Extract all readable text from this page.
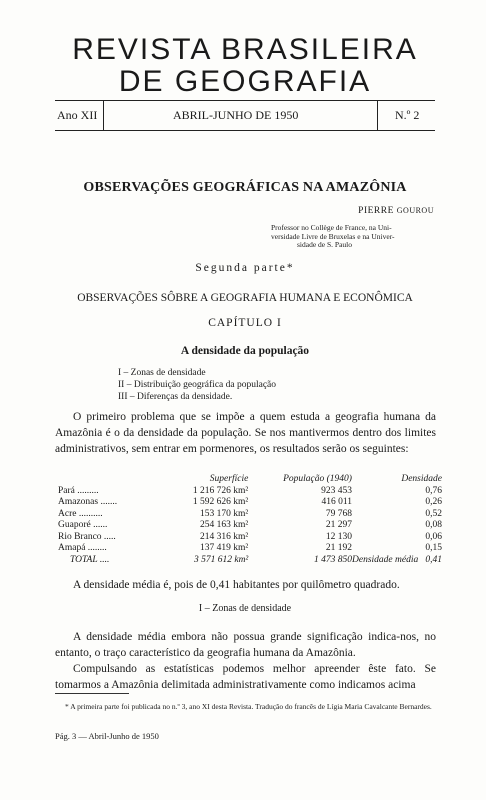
REVISTA BRASILEIRA
DE GEOGRAFIA
Ano XII	ABRIL-JUNHO DE 1950	N.º 2
OBSERVAÇÕES GEOGRÁFICAS NA AMAZÔNIA
PIERRE GOUROU
Professor no Collège de France, na Uni-
versidade Livre de Bruxelas e na Univer-
sidade de S. Paulo
Segunda parte*
OBSERVAÇÕES SÔBRE A GEOGRAFIA HUMANA E ECONÔMICA
CAPÍTULO I
A densidade da população
I – Zonas de densidade
II – Distribuição geográfica da população
III – Diferenças da densidade.

O primeiro problema que se impõe a quem estuda a geografia humana da Amazônia é o da densidade da população. Se nos mantivermos dentro dos limites administrativos, sem entrar em pormenores, os resultados serão os seguintes:

	Superfície	População (1940)	Densidade
Pará .........	1 216 726 km²	923 453	0,76
Amazonas .......	1 592 626 km²	416 011	0,26
Acre ..........	153 170 km²	79 768	0,52
Guaporé ......	254 163 km²	21 297	0,08
Rio Branco .....	214 316 km²	12 130	0,06
Amapá ........	137 419 km²	21 192	0,15
TOTAL ....	3 571 612 km²	1 473 850	Densidade média 0,41

A densidade média é, pois de 0,41 habitantes por quilômetro quadrado.

I – Zonas de densidade

A densidade média embora não possua grande significação indica-nos, no entanto, o traço característico da geografia humana da Amazônia.

Compulsando as estatísticas podemos melhor apreender êste fato. Se tomarmos a Amazônia delimitada administrativamente como indicamos acima

* A primeira parte foi publicada no n.º 3, ano XI desta Revista. Tradução do francês de Lígia Maria Cavalcante Bernardes.
Pág. 3 — Abril-Junho de 1950
